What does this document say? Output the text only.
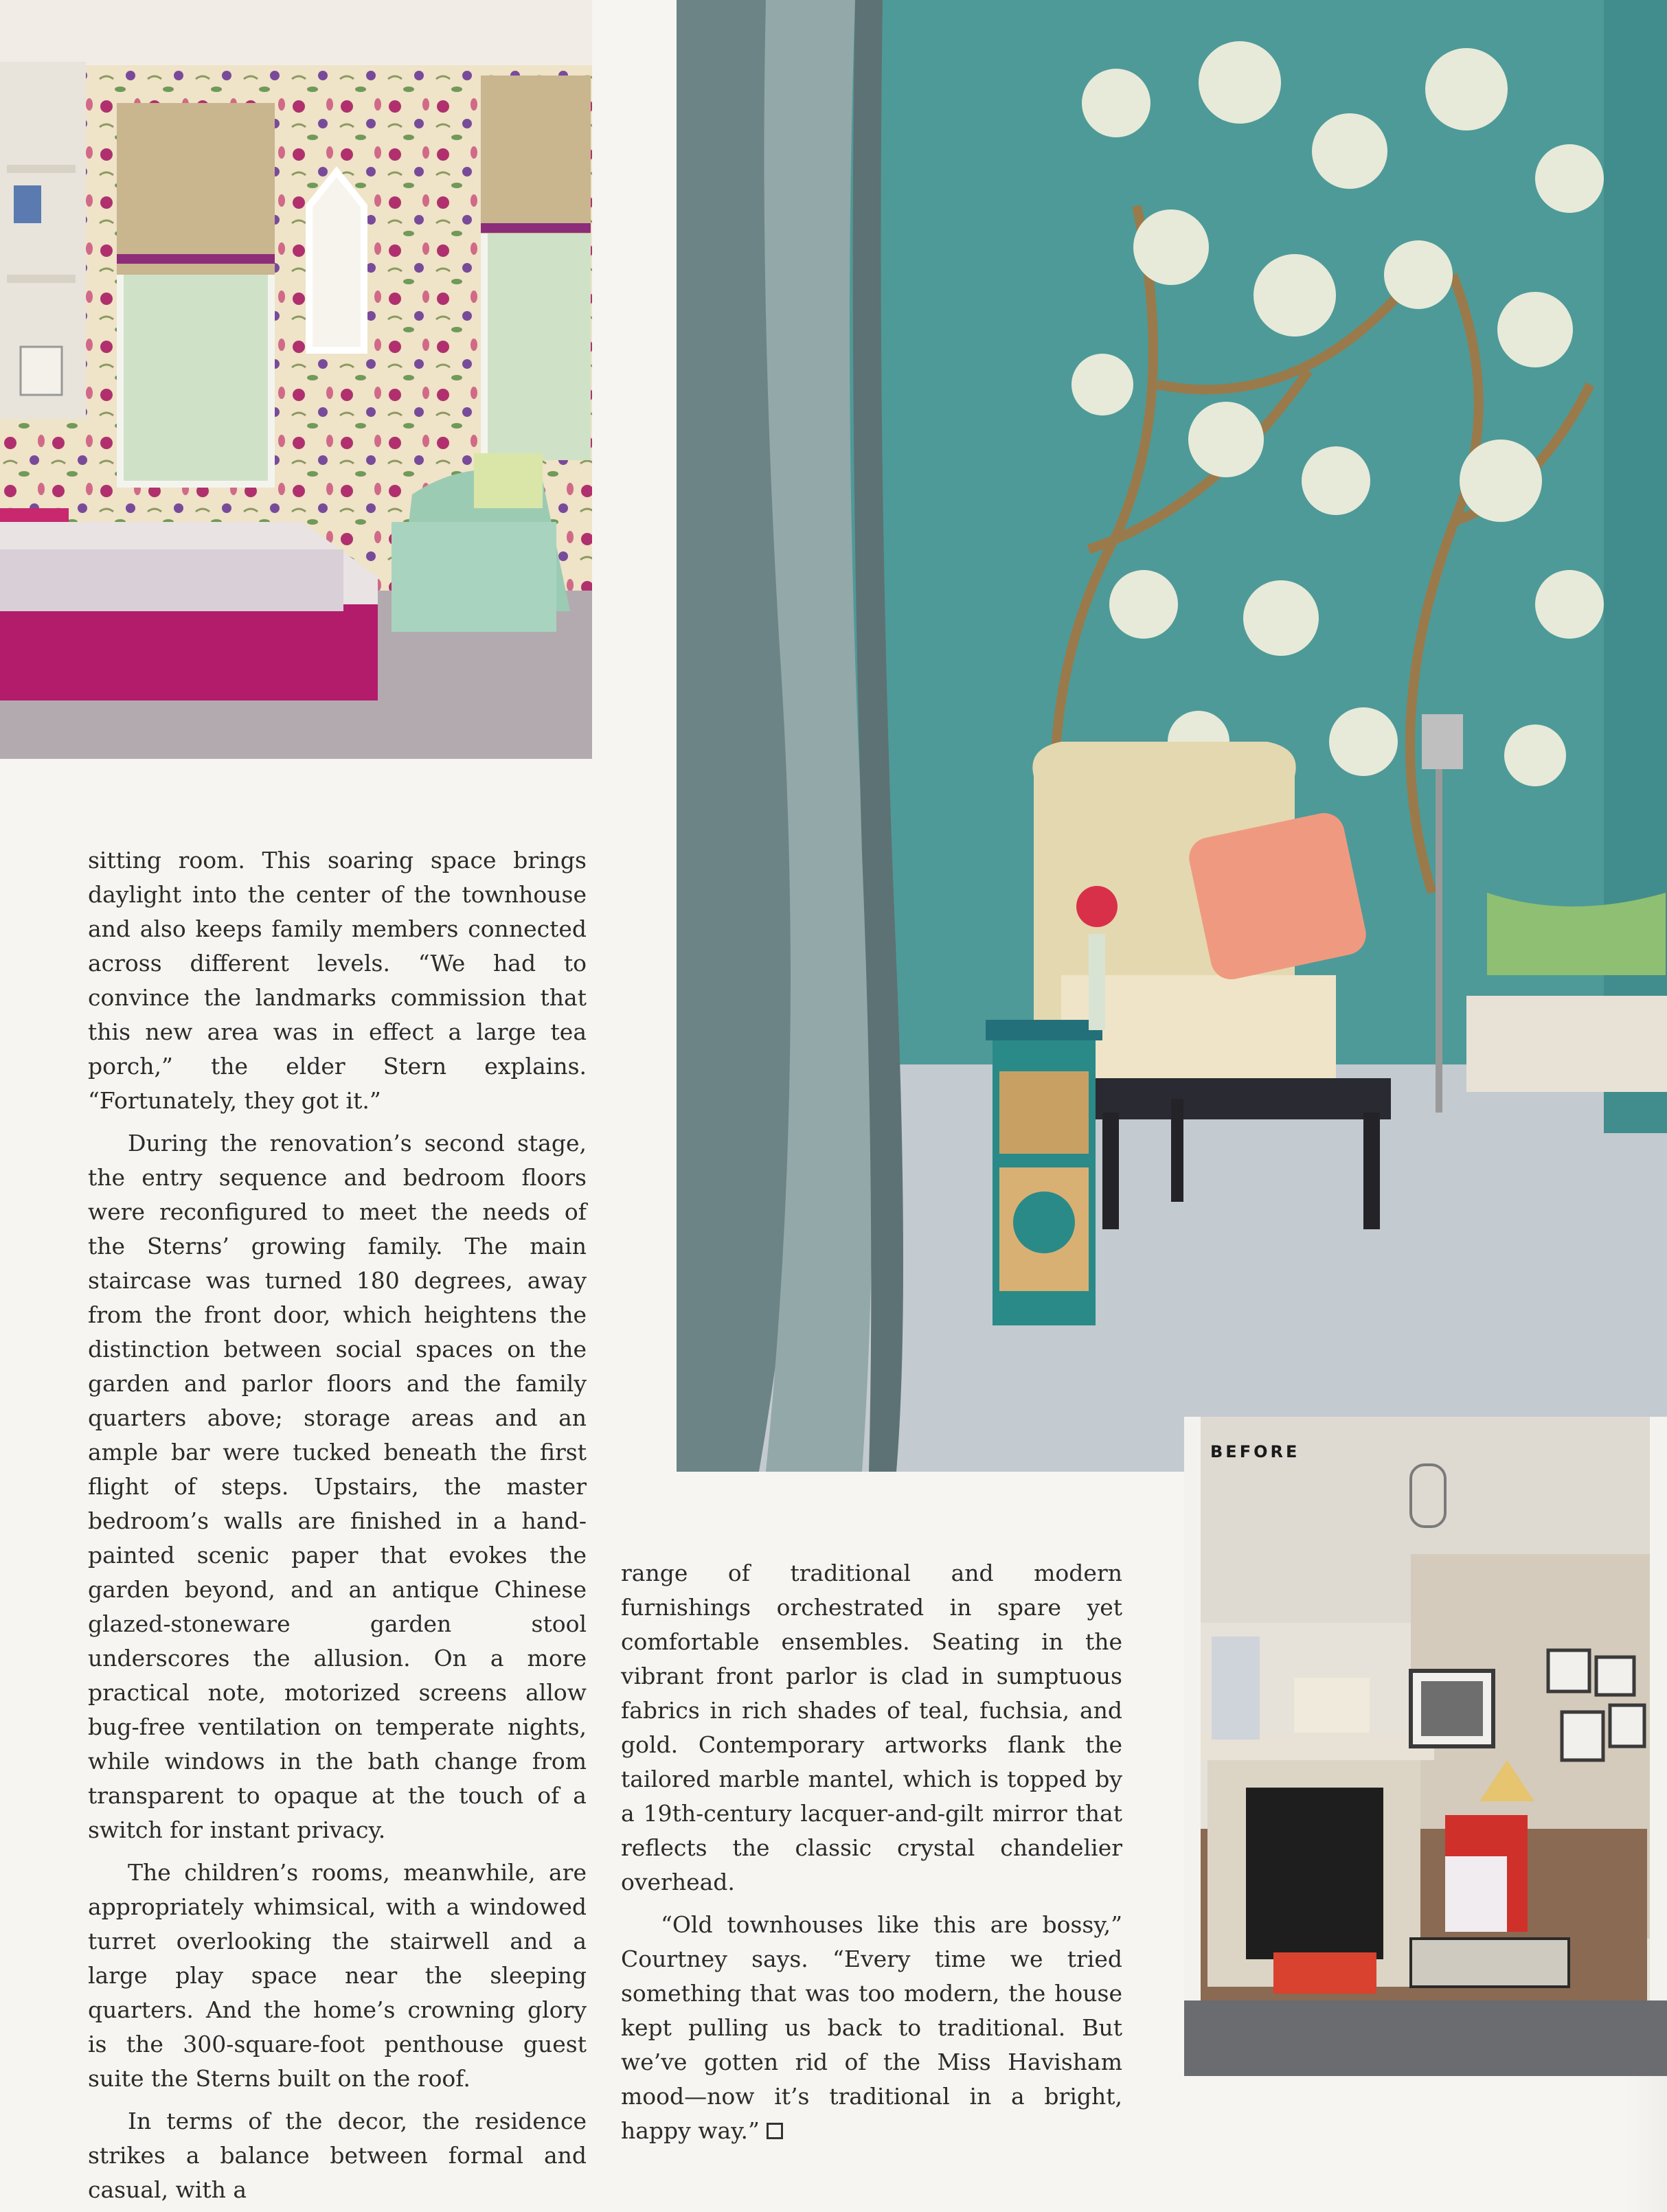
BEFORE

sitting room. This soaring space brings daylight into the center of the townhouse and also keeps family members connected across different levels. “We had to convince the landmarks commission that this new area was in effect a large tea porch,” the elder Stern explains. “Fortunately, they got it.”

During the renovation’s second stage, the entry sequence and bedroom floors were reconfigured to meet the needs of the Sterns’ growing family. The main staircase was turned 180 degrees, away from the front door, which heightens the distinction between social spaces on the garden and parlor floors and the family quarters above; storage areas and an ample bar were tucked beneath the first flight of steps. Upstairs, the master bedroom’s walls are finished in a hand-painted scenic paper that evokes the garden beyond, and an antique Chinese glazed-stoneware garden stool underscores the allusion. On a more practical note, motorized screens allow bug-free ventilation on temperate nights, while windows in the bath change from transparent to opaque at the touch of a switch for instant privacy.

The children’s rooms, meanwhile, are appropriately whimsical, with a windowed turret overlooking the stairwell and a large play space near the sleeping quarters. And the home’s crowning glory is the 300-square-foot penthouse guest suite the Sterns built on the roof.

In terms of the decor, the residence strikes a balance between formal and casual, with a

range of traditional and modern furnishings orchestrated in spare yet comfortable ensembles. Seating in the vibrant front parlor is clad in sumptuous fabrics in rich shades of teal, fuchsia, and gold. Contemporary artworks flank the tailored marble mantel, which is topped by a 19th-century lacquer-and-gilt mirror that reflects the classic crystal chandelier overhead.

“Old townhouses like this are bossy,” Courtney says. “Every time we tried something that was too modern, the house kept pulling us back to traditional. But we’ve gotten rid of the Miss Havisham mood—now it’s traditional in a bright, happy way.”
